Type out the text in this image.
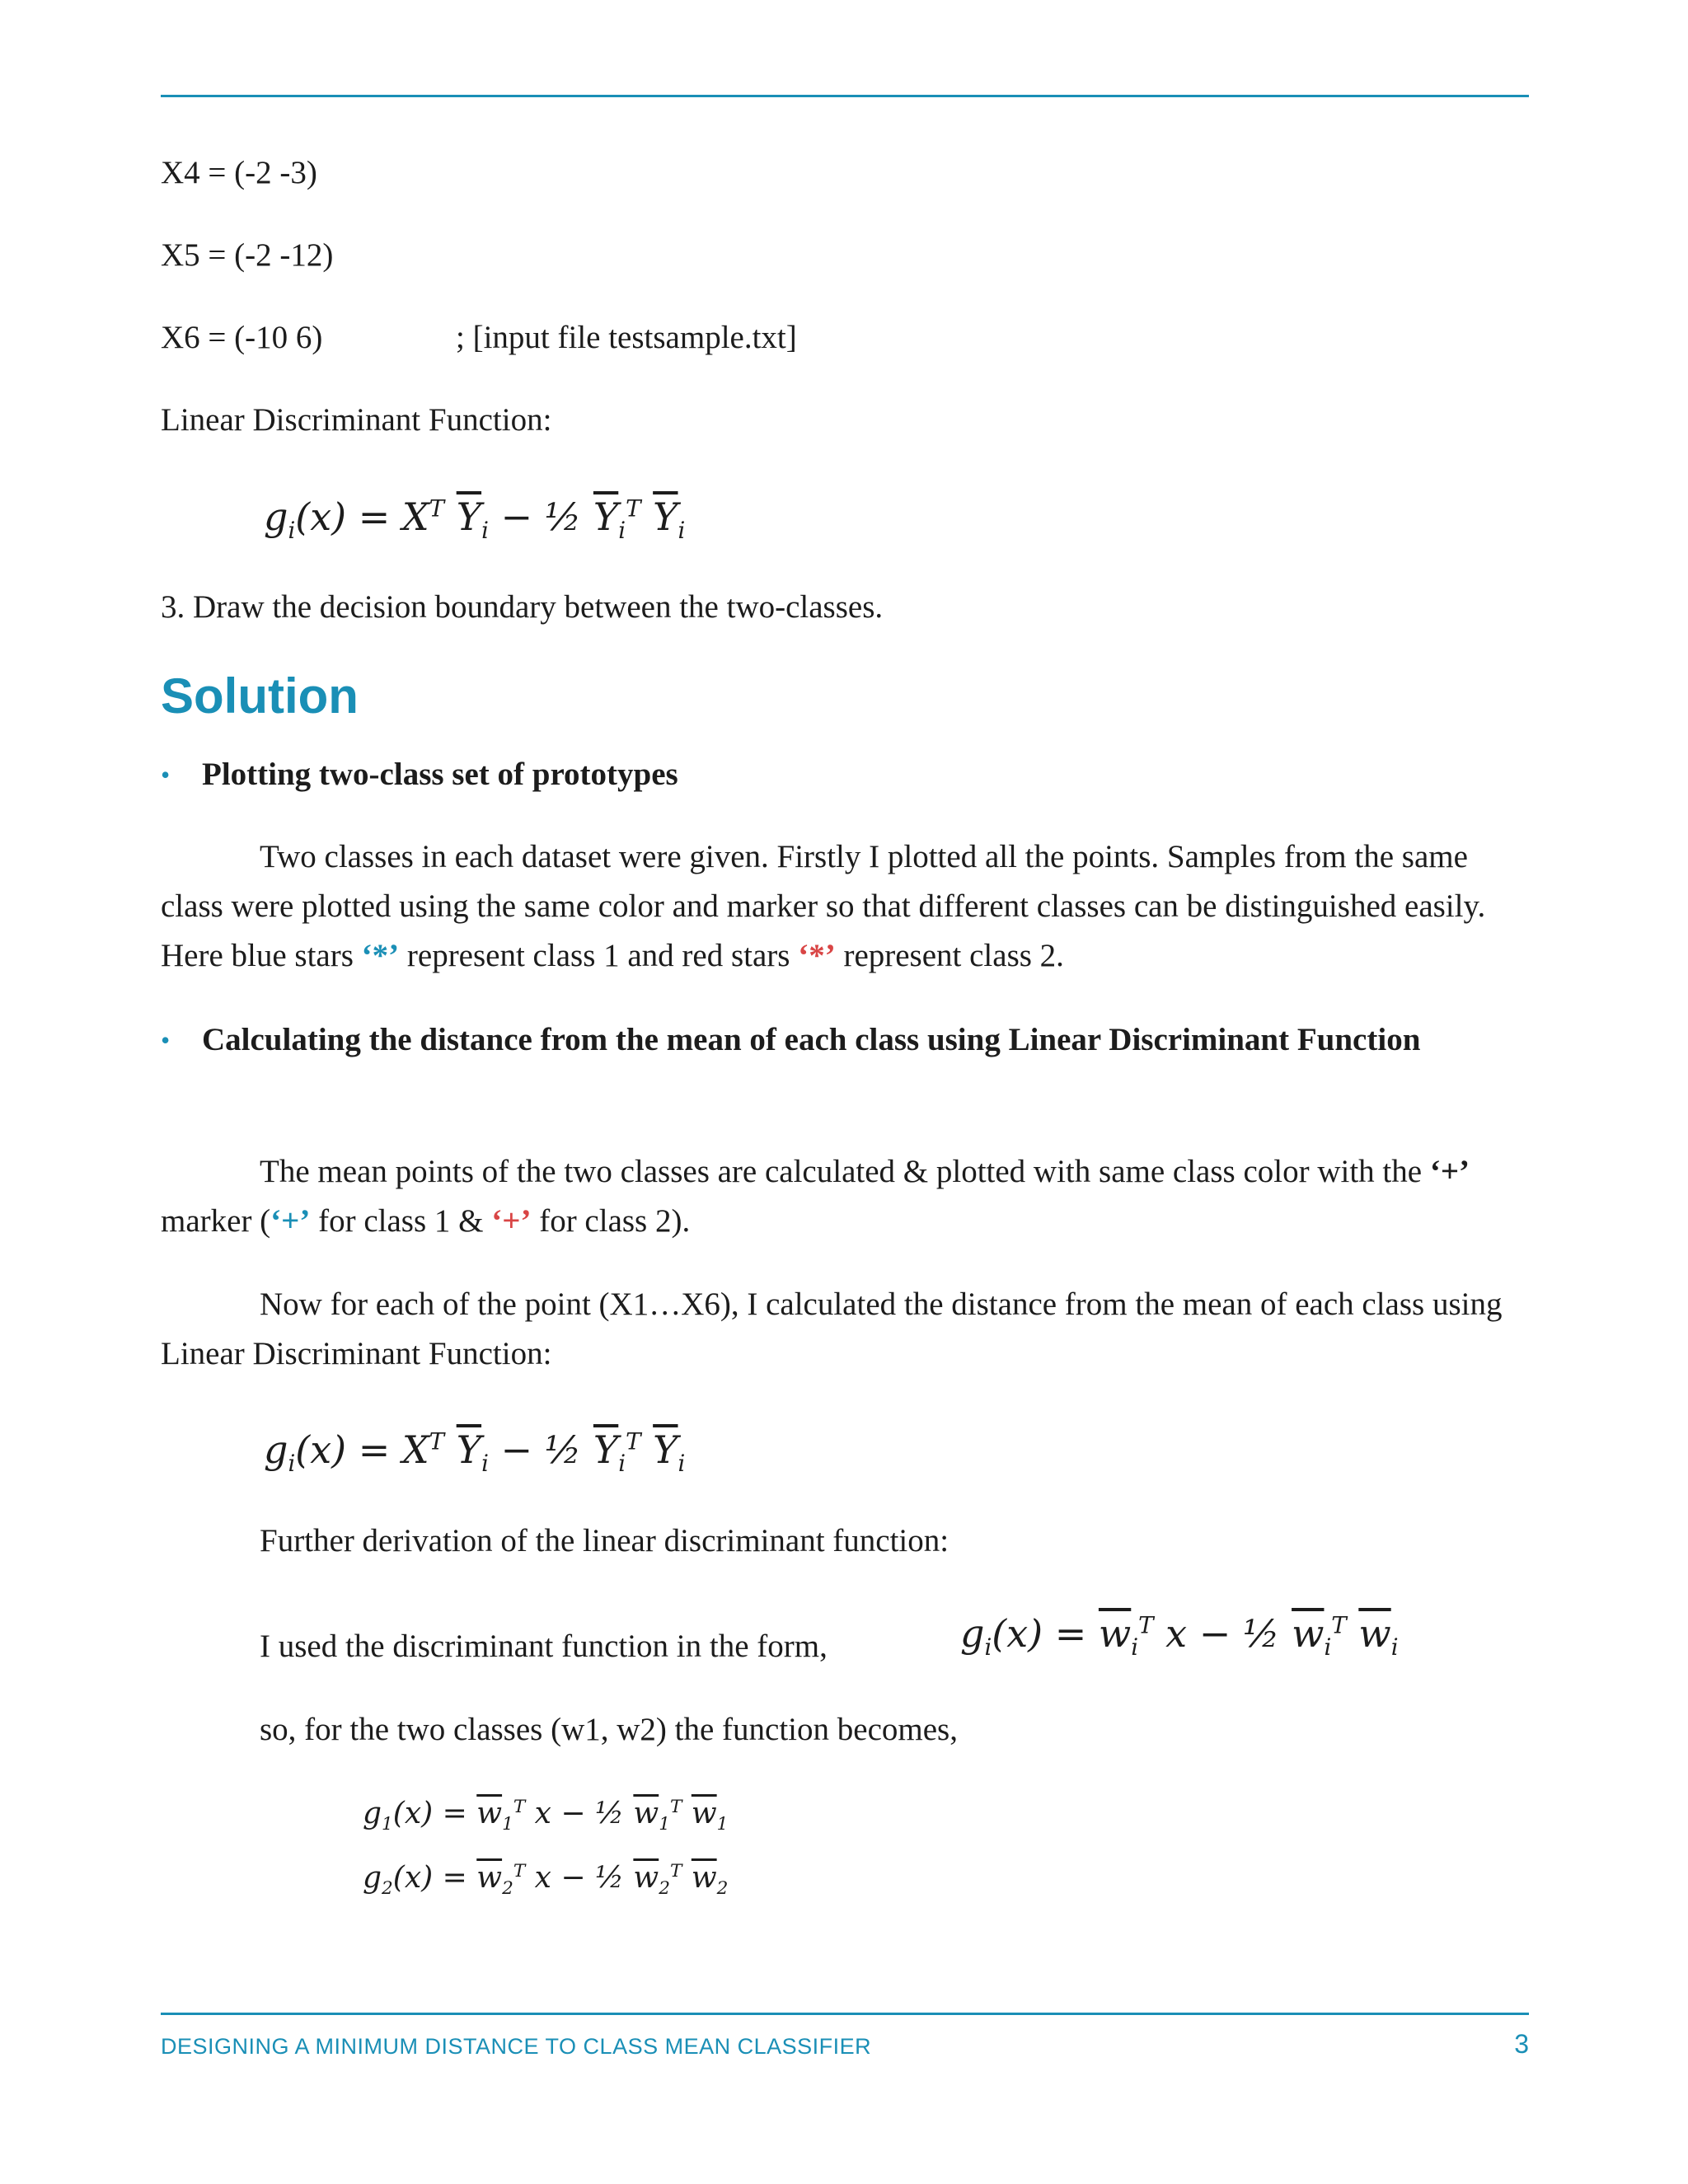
X4 = (-2 -3)
X5 = (-2 -12)
X6 = (-10 6)	; [input file testsample.txt]
Linear Discriminant Function:
$g_i(x) = X^T$ $\overline{Y}_i$ − ½ $\overline{Y}_i^T$ $\overline{Y}_i$
3. Draw the decision boundary between the two-classes.
Solution
• Plotting two-class set of prototypes
Two classes in each dataset were given. Firstly I plotted all the points. Samples from the same class were plotted using the same color and marker so that different classes can be distinguished easily. Here blue stars ‘*’ represent class 1 and red stars ‘*’ represent class 2.
• Calculating the distance from the mean of each class using Linear Discriminant Function
The mean points of the two classes are calculated & plotted with same class color with the ‘+’ marker (‘+’ for class 1 & ‘+’ for class 2).
Now for each of the point (X1…X6), I calculated the distance from the mean of each class using Linear Discriminant Function:
$g_i(x) = X^T$ $\overline{Y}_i$ − ½ $\overline{Y}_i^T$ $\overline{Y}_i$
Further derivation of the linear discriminant function:
I used the discriminant function in the form,	$g_i(x) = \overline{w}_i^T$ x − ½ $\overline{w}_i^T$ $\overline{w}_i$
so, for the two classes (w1, w2) the function becomes,
$g_1(x) = \overline{w}_1^T$ x − ½ $\overline{w}_1^T$ $\overline{w}_1$
$g_2(x) = \overline{w}_2^T$ x − ½ $\overline{w}_2^T$ $\overline{w}_2$
DESIGNING A MINIMUM DISTANCE TO CLASS MEAN CLASSIFIER	3
